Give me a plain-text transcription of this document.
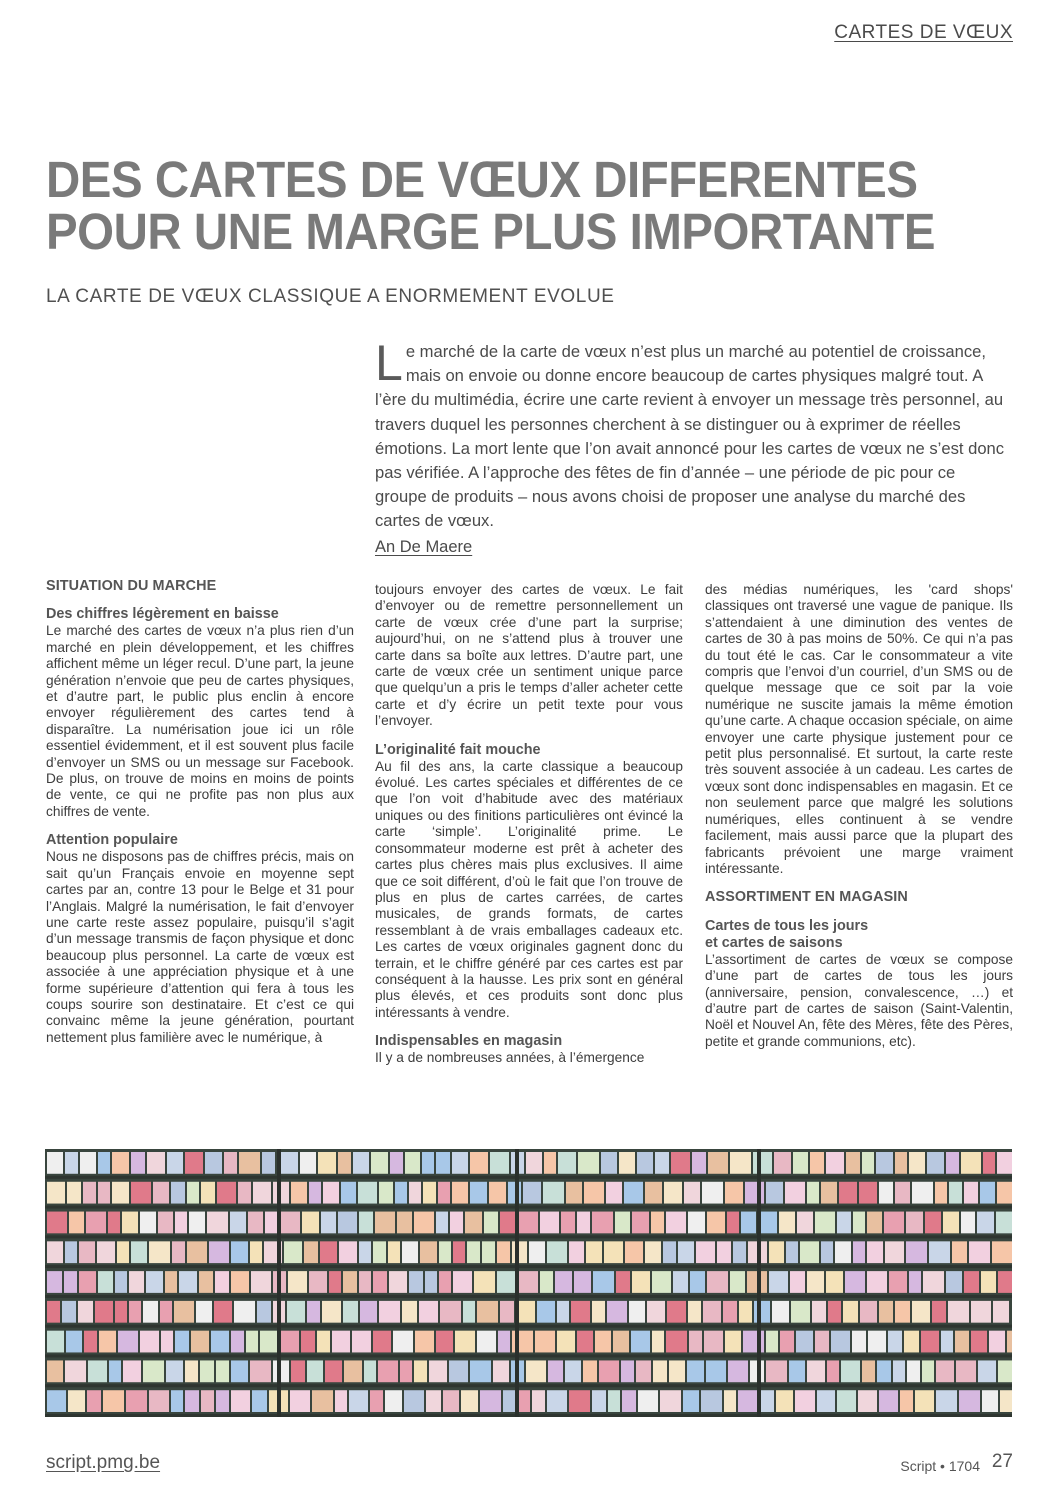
CARTES DE VŒUX
DES CARTES DE VŒUX DIFFERENTES
POUR UNE MARGE PLUS IMPORTANTE
LA CARTE DE VŒUX CLASSIQUE A ENORMEMENT EVOLUE
Le marché de la carte de vœux n’est plus un marché au potentiel de croissance, mais on envoie ou donne encore beaucoup de cartes physiques malgré tout. A l’ère du multimédia, écrire une carte revient à envoyer un message très personnel, au travers duquel les personnes cherchent à se distinguer ou à exprimer de réelles émotions. La mort lente que l’on avait annoncé pour les cartes de vœux ne s’est donc pas vérifiée. A l’approche des fêtes de fin d’année – une période de pic pour ce groupe de produits – nous avons choisi de proposer une analyse du marché des cartes de vœux.
An De Maere
SITUATION DU MARCHE
Des chiffres légèrement en baisse

Le marché des cartes de vœux n’a plus rien d’un marché en plein développement, et les chiffres affichent même un léger recul. D’une part, la jeune génération n’envoie que peu de cartes physiques, et d’autre part, le public plus enclin à encore envoyer régulièrement des cartes tend à disparaître. La numérisation joue ici un rôle essentiel évidemment, et il est souvent plus facile d’envoyer un SMS ou un message sur Facebook. De plus, on trouve de moins en moins de points de vente, ce qui ne profite pas non plus aux chiffres de vente.

Attention populaire

Nous ne disposons pas de chiffres précis, mais on sait qu’un Français envoie en moyenne sept cartes par an, contre 13 pour le Belge et 31 pour l’Anglais. Malgré la numérisation, le fait d’envoyer une carte reste assez populaire, puisqu’il s’agit d’un message transmis de façon physique et donc beaucoup plus personnel. La carte de vœux est associée à une appréciation physique et à une forme supérieure d’attention qui fera à tous les coups sourire son destinataire. Et c’est ce qui convainc même la jeune génération, pourtant nettement plus familière avec le numérique, à

toujours envoyer des cartes de vœux. Le fait d’envoyer ou de remettre personnellement un carte de vœux crée d’une part la surprise; aujourd’hui, on ne s’attend plus à trouver une carte dans sa boîte aux lettres. D’autre part, une carte de vœux crée un sentiment unique parce que quelqu’un a pris le temps d’aller acheter cette carte et d’y écrire un petit texte pour vous l’envoyer.

L’originalité fait mouche

Au fil des ans, la carte classique a beaucoup évolué. Les cartes spéciales et différentes de ce que l’on voit d’habitude avec des matériaux uniques ou des finitions particulières ont évincé la carte ‘simple’. L’originalité prime. Le consommateur moderne est prêt à acheter des cartes plus chères mais plus exclusives. Il aime que ce soit différent, d’où le fait que l’on trouve de plus en plus de cartes carrées, de cartes musicales, de grands formats, de cartes ressemblant à de vrais emballages cadeaux etc. Les cartes de vœux originales gagnent donc du terrain, et le chiffre généré par ces cartes est par conséquent à la hausse. Les prix sont en général plus élevés, et ces produits sont donc plus intéressants à vendre.

Indispensables en magasin

Il y a de nombreuses années, à l’émergence

des médias numériques, les 'card shops' classiques ont traversé une vague de panique. Ils s’attendaient à une diminution des ventes de cartes de 30 à pas moins de 50%. Ce qui n’a pas du tout été le cas. Car le consommateur a vite compris que l’envoi d’un courriel, d’un SMS ou de quelque message que ce soit par la voie numérique ne suscite jamais la même émotion qu’une carte. A chaque occasion spéciale, on aime envoyer une carte physique justement pour ce petit plus personnalisé. Et surtout, la carte reste très souvent associée à un cadeau. Les cartes de vœux sont donc indispensables en magasin. Et ce non seulement parce que malgré les solutions numériques, elles continuent à se vendre facilement, mais aussi parce que la plupart des fabricants prévoient une marge vraiment intéressante.

ASSORTIMENT EN MAGASIN
Cartes de tous les jours
et cartes de saisons

L’assortiment de cartes de vœux se compose d’une part de cartes de tous les jours (anniversaire, pension, convalescence, …) et d’autre part de cartes de saison (Saint-Valentin, Noël et Nouvel An, fête des Mères, fête des Pères, petite et grande communions, etc).

script.pmg.be	Script • 1704 27
